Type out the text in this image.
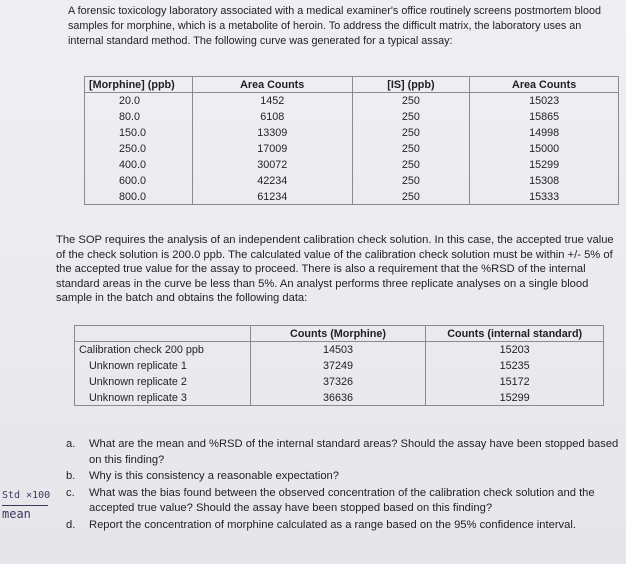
A forensic toxicology laboratory associated with a medical examiner's office routinely screens postmortem blood samples for morphine, which is a metabolite of heroin. To address the difficult matrix, the laboratory uses an internal standard method. The following curve was generated for a typical assay:

[Morphine] (ppb)	Area Counts	[IS] (ppb)	Area Counts
20.0	1452	250	15023
80.0	6108	250	15865
150.0	13309	250	14998
250.0	17009	250	15000
400.0	30072	250	15299
600.0	42234	250	15308
800.0	61234	250	15333

The SOP requires the analysis of an independent calibration check solution. In this case, the accepted true value of the check solution is 200.0 ppb. The calculated value of the calibration check solution must be within +/- 5% of the accepted true value for the assay to proceed. There is also a requirement that the %RSD of the internal standard areas in the curve be less than 5%. An analyst performs three replicate analyses on a single blood sample in the batch and obtains the following data:

	Counts (Morphine)	Counts (internal standard)
Calibration check 200 ppb	14503	15203
Unknown replicate 1	37249	15235
Unknown replicate 2	37326	15172
Unknown replicate 3	36636	15299
a. What are the mean and %RSD of the internal standard areas? Should the assay have been stopped based on this finding?
b. Why is this consistency a reasonable expectation?
c. What was the bias found between the observed concentration of the calibration check solution and the accepted true value? Should the assay have been stopped based on this finding?
d. Report the concentration of morphine calculated as a range based on the 95% confidence interval.
Std ×100
mean
